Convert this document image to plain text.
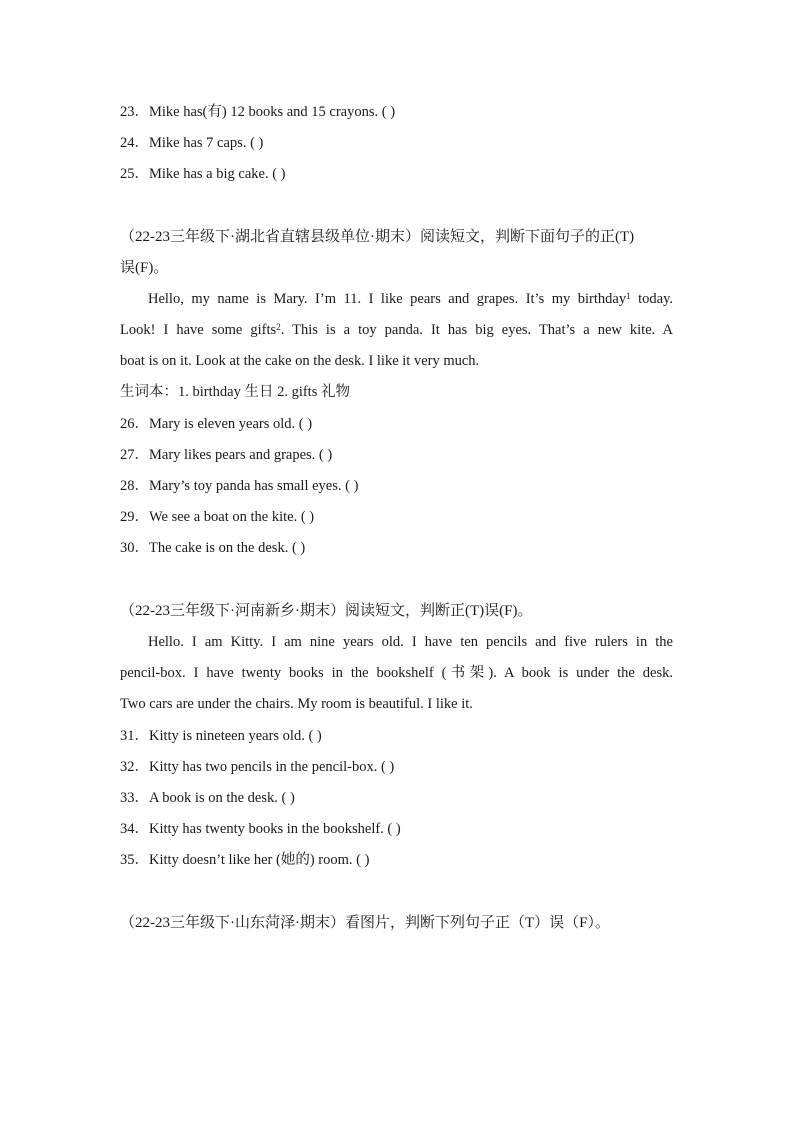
23．Mike has(有) 12 books and 15 crayons. ( )
24．Mike has 7 caps. ( )
25．Mike has a big cake. ( )
（22-23三年级下·湖北省直辖县级单位·期末）阅读短文，判断下面句子的正(T)
误(F)。
Hello, my name is Mary. I’m 11. I like pears and grapes. It’s my birthday$^1$ today.
Look! I have some gifts$^2$. This is a toy panda. It has big eyes. That’s a new kite. A
boat is on it. Look at the cake on the desk. I like it very much.
生词本：1. birthday 生日 2. gifts 礼物
26．Mary is eleven years old. ( )
27．Mary likes pears and grapes. ( )
28．Mary’s toy panda has small eyes. ( )
29．We see a boat on the kite. ( )
30．The cake is on the desk. ( )
（22-23三年级下·河南新乡·期末）阅读短文，判断正(T)误(F)。
Hello. I am Kitty. I am nine years old. I have ten pencils and five rulers in the
pencil-box. I have twenty books in the bookshelf (书架). A book is under the desk.
Two cars are under the chairs. My room is beautiful. I like it.
31．Kitty is nineteen years old. ( )
32．Kitty has two pencils in the pencil-box. ( )
33．A book is on the desk. ( )
34．Kitty has twenty books in the bookshelf. ( )
35．Kitty doesn’t like her (她的) room. ( )
（22-23三年级下·山东菏泽·期末）看图片，判断下列句子正（T）误（F）。
